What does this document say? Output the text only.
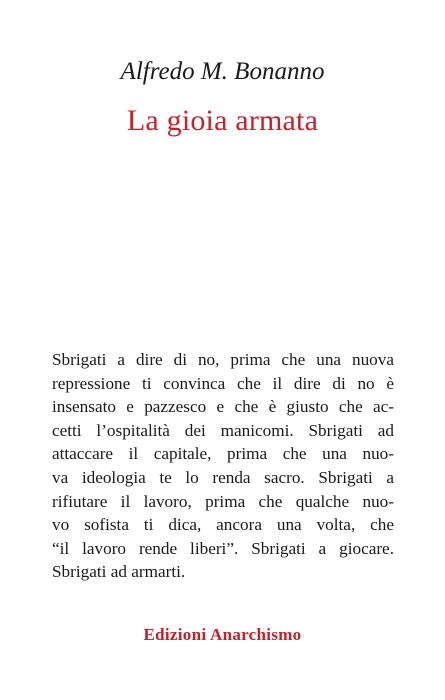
Alfredo M. Bonanno
La gioia armata
Sbrigati a dire di no, prima che una nuova
repressione ti convinca che il dire di no è
insensato e pazzesco e che è giusto che ac-
cetti l’ospitalità dei manicomi. Sbrigati ad
attaccare il capitale, prima che una nuo-
va ideologia te lo renda sacro. Sbrigati a
rifiutare il lavoro, prima che qualche nuo-
vo sofista ti dica, ancora una volta, che
“il lavoro rende liberi”. Sbrigati a giocare.
Sbrigati ad armarti.
Edizioni Anarchismo
